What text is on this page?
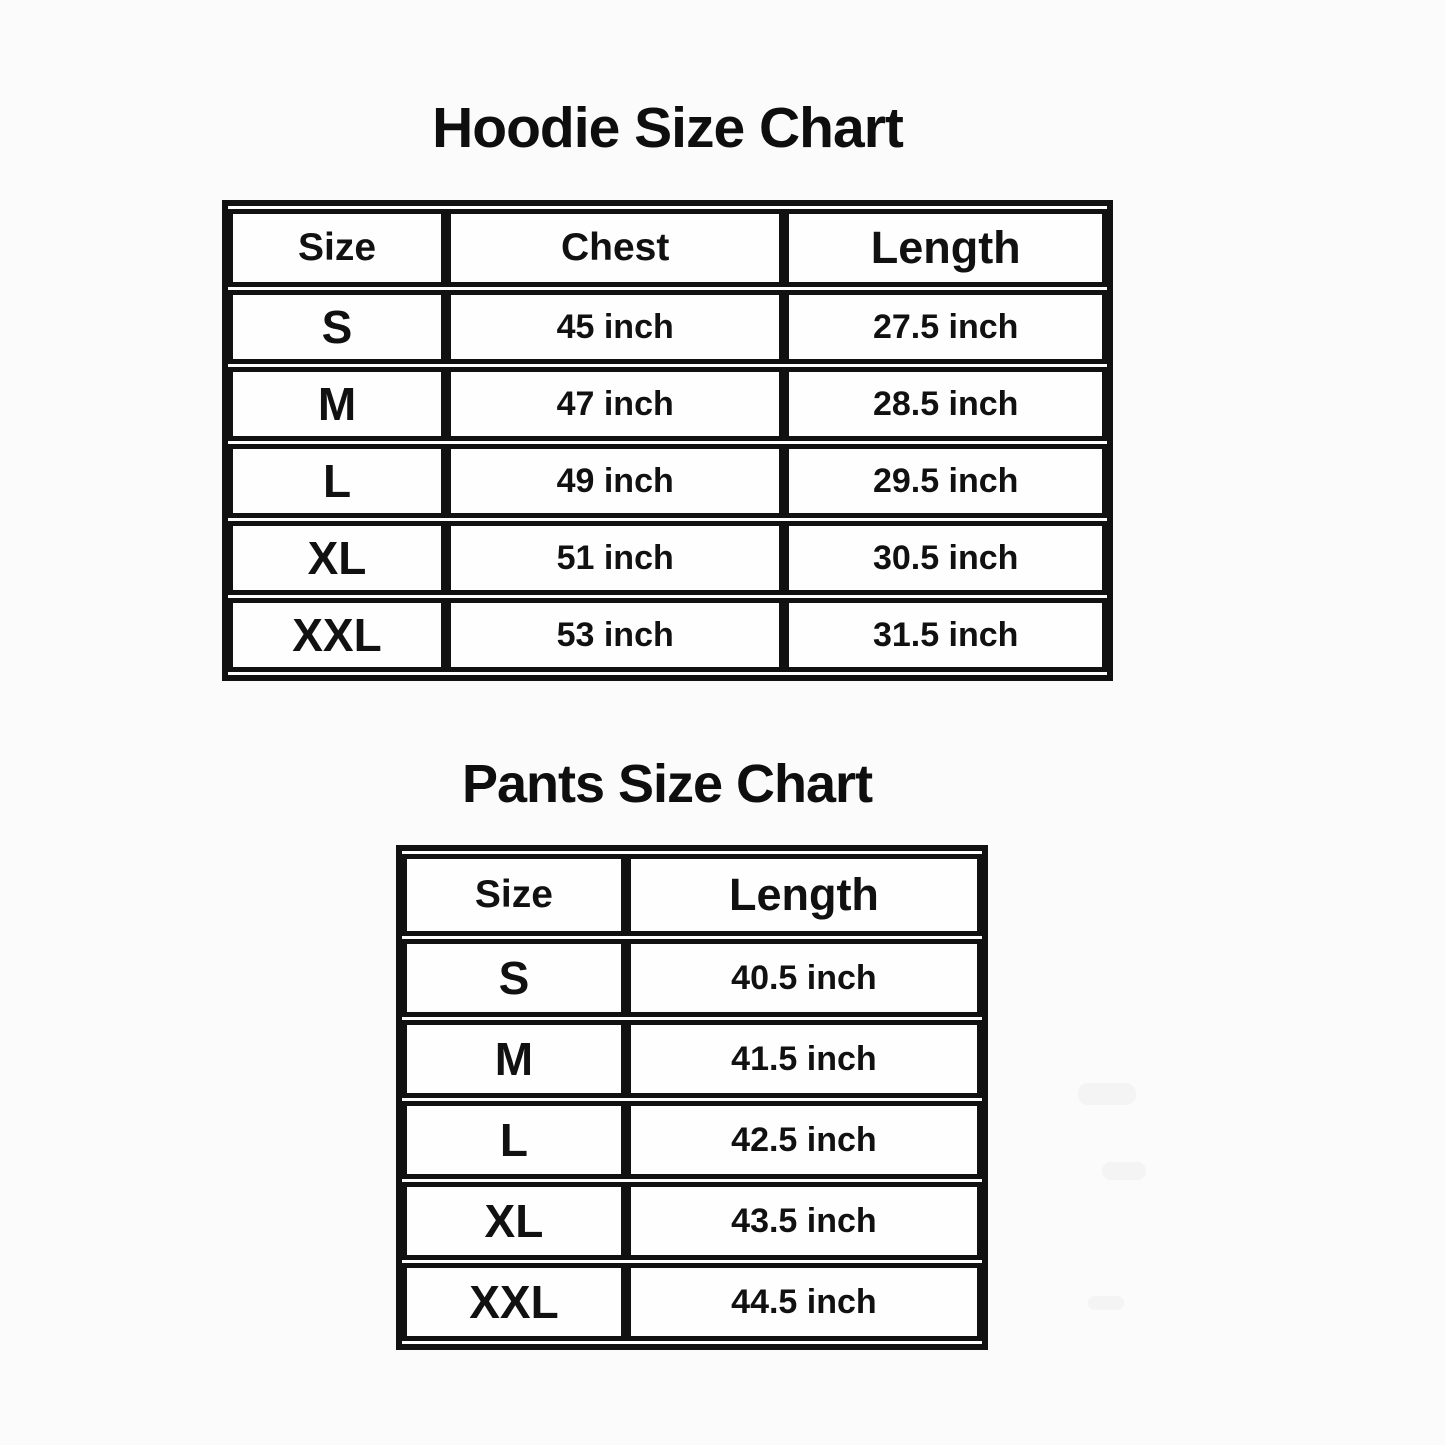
Hoodie Size Chart
Size	Chest	Length
S	45 inch	27.5 inch
M	47 inch	28.5 inch
L	49 inch	29.5 inch
XL	51 inch	30.5 inch
XXL	53 inch	31.5 inch
Pants Size Chart
Size	Length
S	40.5 inch
M	41.5 inch
L	42.5 inch
XL	43.5 inch
XXL	44.5 inch
